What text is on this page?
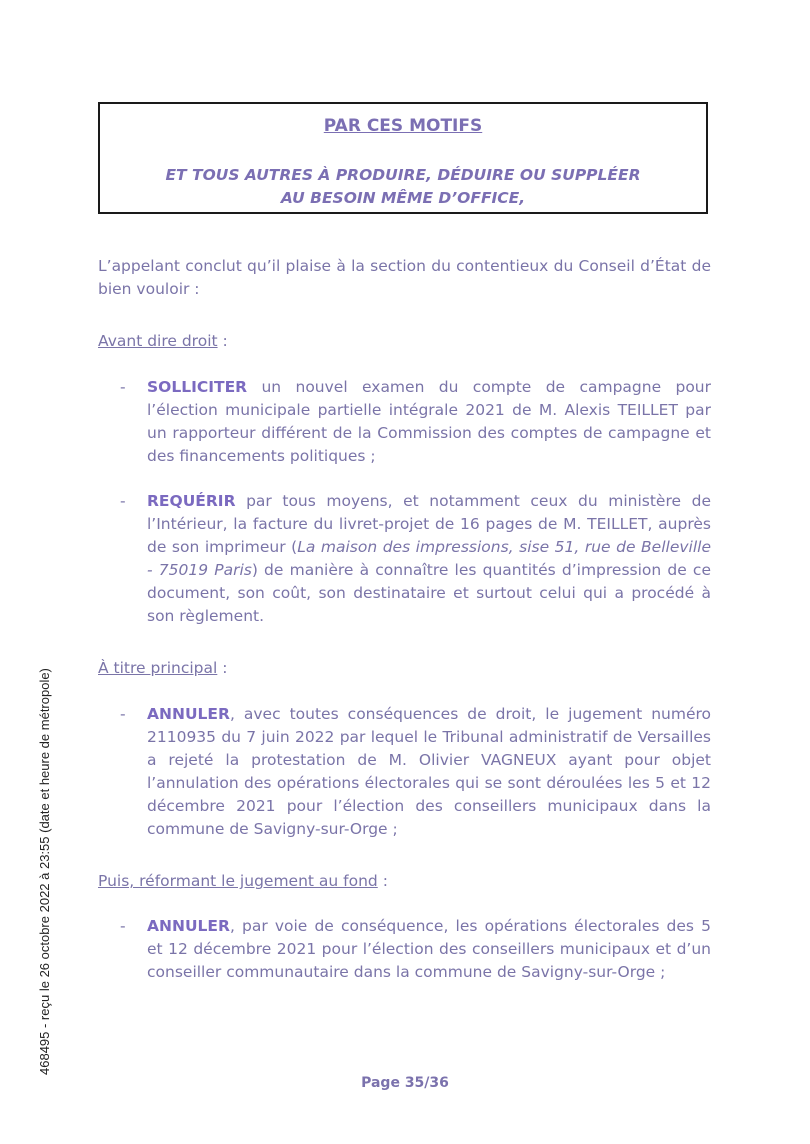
PAR CES MOTIFS
ET TOUS AUTRES À PRODUIRE, DÉDUIRE OU SUPPLÉER
AU BESOIN MÊME D’OFFICE,
L’appelant conclut qu’il plaise à la section du contentieux du Conseil d’État de bien vouloir :
Avant dire droit :
- SOLLICITER un nouvel examen du compte de campagne pour l’élection municipale partielle intégrale 2021 de M. Alexis TEILLET par un rapporteur différent de la Commission des comptes de campagne et des financements politiques ;
- REQUÉRIR par tous moyens, et notamment ceux du ministère de l’Intérieur, la facture du livret-projet de 16 pages de M. TEILLET, auprès de son imprimeur (La maison des impressions, sise 51, rue de Belleville - 75019 Paris) de manière à connaître les quantités d’impression de ce document, son coût, son destinataire et surtout celui qui a procédé à son règlement.
À titre principal :
- ANNULER, avec toutes conséquences de droit, le jugement numéro 2110935 du 7 juin 2022 par lequel le Tribunal administratif de Versailles a rejeté la protestation de M. Olivier VAGNEUX ayant pour objet l’annulation des opérations électorales qui se sont déroulées les 5 et 12 décembre 2021 pour l’élection des conseillers municipaux dans la commune de Savigny-sur-Orge ;
Puis, réformant le jugement au fond :
- ANNULER, par voie de conséquence, les opérations électorales des 5 et 12 décembre 2021 pour l’élection des conseillers municipaux et d’un conseiller communautaire dans la commune de Savigny-sur-Orge ;
Page 35/36
468495 - reçu le 26 octobre 2022 à 23:55 (date et heure de métropole)
